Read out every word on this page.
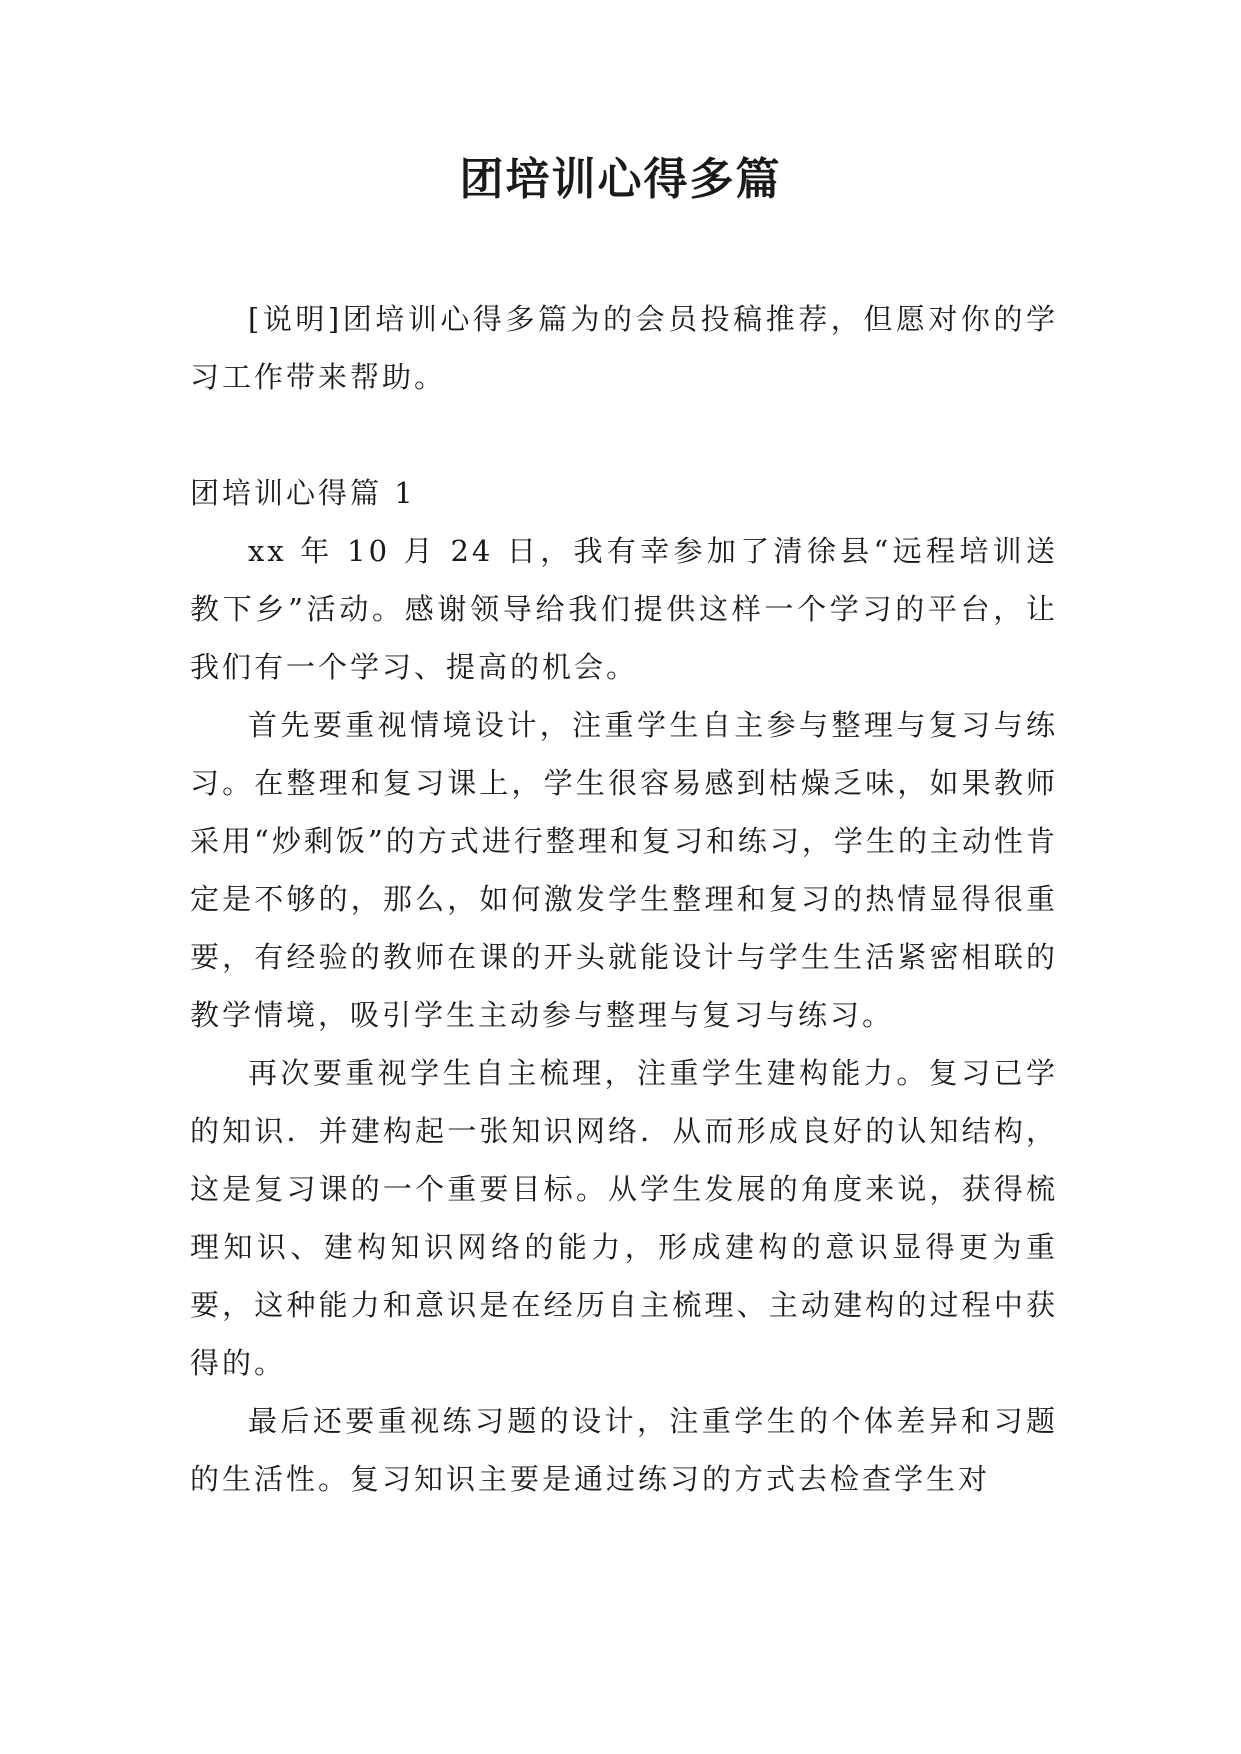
团培训心得多篇

[说明]团培训心得多篇为的会员投稿推荐，但愿对你的学习工作带来帮助。

团培训心得篇 1

xx 年 10 月 24 日，我有幸参加了清徐县“远程培训送教下乡”活动。感谢领导给我们提供这样一个学习的平台，让我们有一个学习、提高的机会。

首先要重视情境设计，注重学生自主参与整理与复习与练习。在整理和复习课上，学生很容易感到枯燥乏味，如果教师采用“炒剩饭”的方式进行整理和复习和练习，学生的主动性肯定是不够的，那么，如何激发学生整理和复习的热情显得很重要，有经验的教师在课的开头就能设计与学生生活紧密相联的教学情境，吸引学生主动参与整理与复习与练习。

再次要重视学生自主梳理，注重学生建构能力。复习已学的知识．并建构起一张知识网络．从而形成良好的认知结构，这是复习课的一个重要目标。从学生发展的角度来说，获得梳理知识、建构知识网络的能力，形成建构的意识显得更为重要，这种能力和意识是在经历自主梳理、主动建构的过程中获得的。

最后还要重视练习题的设计，注重学生的个体差异和习题的生活性。复习知识主要是通过练习的方式去检查学生对
